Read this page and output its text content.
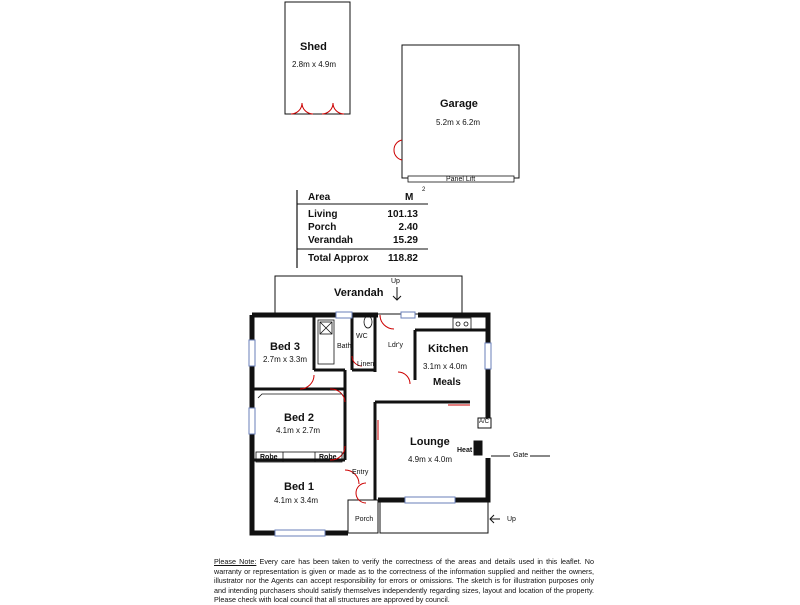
Shed
2.8m x 4.9m
Garage
5.2m x 6.2m
Panel Lift
Area	M
2
Living	101.13
Porch	2.40
Verandah	15.29
Total Approx	118.82
Verandah
Up
Bed 3
2.7m x 3.3m
Bath
WC
Linen
Ldr'y Kitchen
3.1m x 4.0m
Meals
A/C
Bed 2
4.1m x 2.7m
Lounge
4.9m x 4.0m
Heat
Gate
Robe	Robe
Entry
Bed 1
4.1m x 3.4m
Porch	Up
Please Note: Every care has been taken to verify the correctness of the areas and details used in this leaflet. No warranty or representation is given or made as to the correctness of the information supplied and neither the owners, illustrator nor the Agents can accept responsibility for errors or omissions. The sketch is for illustration purposes only and intending purchasers should satisfy themselves independently regarding sizes, layout and location of the property. Please check with local council that all structures are approved by council.
